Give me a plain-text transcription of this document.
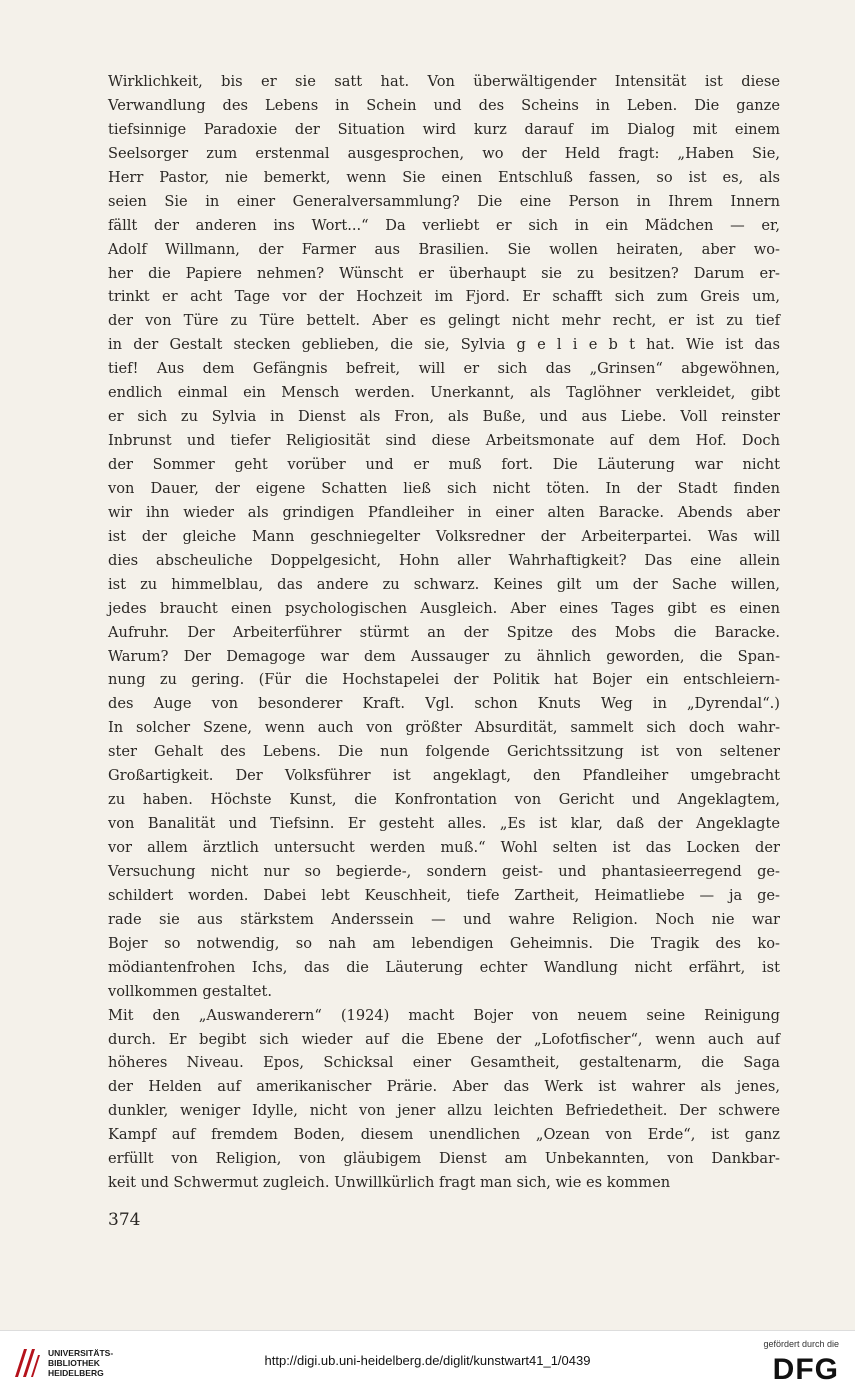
Wirklichkeit, bis er sie satt hat. Von überwältigender Intensität ist diese
Verwandlung des Lebens in Schein und des Scheins in Leben. Die ganze
tiefsinnige Paradoxie der Situation wird kurz darauf im Dialog mit einem
Seelsorger zum erstenmal ausgesprochen, wo der Held fragt: „Haben Sie,
Herr Pastor, nie bemerkt, wenn Sie einen Entschluß fassen, so ist es, als
seien Sie in einer Generalversammlung? Die eine Person in Ihrem Innern
fällt der anderen ins Wort...“ Da verliebt er sich in ein Mädchen — er,
Adolf Willmann, der Farmer aus Brasilien. Sie wollen heiraten, aber wo-
her die Papiere nehmen? Wünscht er überhaupt sie zu besitzen? Darum er-
trinkt er acht Tage vor der Hochzeit im Fjord. Er schafft sich zum Greis um,
der von Türe zu Türe bettelt. Aber es gelingt nicht mehr recht, er ist zu tief
in der Gestalt stecken geblieben, die sie, Sylvia g e l i e b t hat. Wie ist das
tief! Aus dem Gefängnis befreit, will er sich das „Grinsen“ abgewöhnen,
endlich einmal ein Mensch werden. Unerkannt, als Taglöhner verkleidet, gibt
er sich zu Sylvia in Dienst als Fron, als Buße, und aus Liebe. Voll reinster
Inbrunst und tiefer Religiosität sind diese Arbeitsmonate auf dem Hof. Doch
der Sommer geht vorüber und er muß fort. Die Läuterung war nicht
von Dauer, der eigene Schatten ließ sich nicht töten. In der Stadt finden
wir ihn wieder als grindigen Pfandleiher in einer alten Baracke. Abends aber
ist der gleiche Mann geschniegelter Volksredner der Arbeiterpartei. Was will
dies abscheuliche Doppelgesicht, Hohn aller Wahrhaftigkeit? Das eine allein
ist zu himmelblau, das andere zu schwarz. Keines gilt um der Sache willen,
jedes braucht einen psychologischen Ausgleich. Aber eines Tages gibt es einen
Aufruhr. Der Arbeiterführer stürmt an der Spitze des Mobs die Baracke.
Warum? Der Demagoge war dem Aussauger zu ähnlich geworden, die Span-
nung zu gering. (Für die Hochstapelei der Politik hat Bojer ein entschleiern-
des Auge von besonderer Kraft. Vgl. schon Knuts Weg in „Dyrendal“.)
In solcher Szene, wenn auch von größter Absurdität, sammelt sich doch wahr-
ster Gehalt des Lebens. Die nun folgende Gerichtssitzung ist von seltener
Großartigkeit. Der Volksführer ist angeklagt, den Pfandleiher umgebracht
zu haben. Höchste Kunst, die Konfrontation von Gericht und Angeklagtem,
von Banalität und Tiefsinn. Er gesteht alles. „Es ist klar, daß der Angeklagte
vor allem ärztlich untersucht werden muß.“ Wohl selten ist das Locken der
Versuchung nicht nur so begierde-, sondern geist- und phantasieerregend ge-
schildert worden. Dabei lebt Keuschheit, tiefe Zartheit, Heimatliebe — ja ge-
rade sie aus stärkstem Anderssein — und wahre Religion. Noch nie war
Bojer so notwendig, so nah am lebendigen Geheimnis. Die Tragik des ko-
mödiantenfrohen Ichs, das die Läuterung echter Wandlung nicht erfährt, ist
vollkommen gestaltet.
Mit den „Auswanderern“ (1924) macht Bojer von neuem seine Reinigung
durch. Er begibt sich wieder auf die Ebene der „Lofotfischer“, wenn auch auf
höheres Niveau. Epos, Schicksal einer Gesamtheit, gestaltenarm, die Saga
der Helden auf amerikanischer Prärie. Aber das Werk ist wahrer als jenes,
dunkler, weniger Idylle, nicht von jener allzu leichten Befriedetheit. Der schwere
Kampf auf fremdem Boden, diesem unendlichen „Ozean von Erde“, ist ganz
erfüllt von Religion, von gläubigem Dienst am Unbekannten, von Dankbar-
keit und Schwermut zugleich. Unwillkürlich fragt man sich, wie es kommen
374
UNIVERSITÄTS-
BIBLIOTHEK
HEIDELBERG
http://digi.ub.uni-heidelberg.de/diglit/kunstwart41_1/0439
gefördert durch die
DFG
